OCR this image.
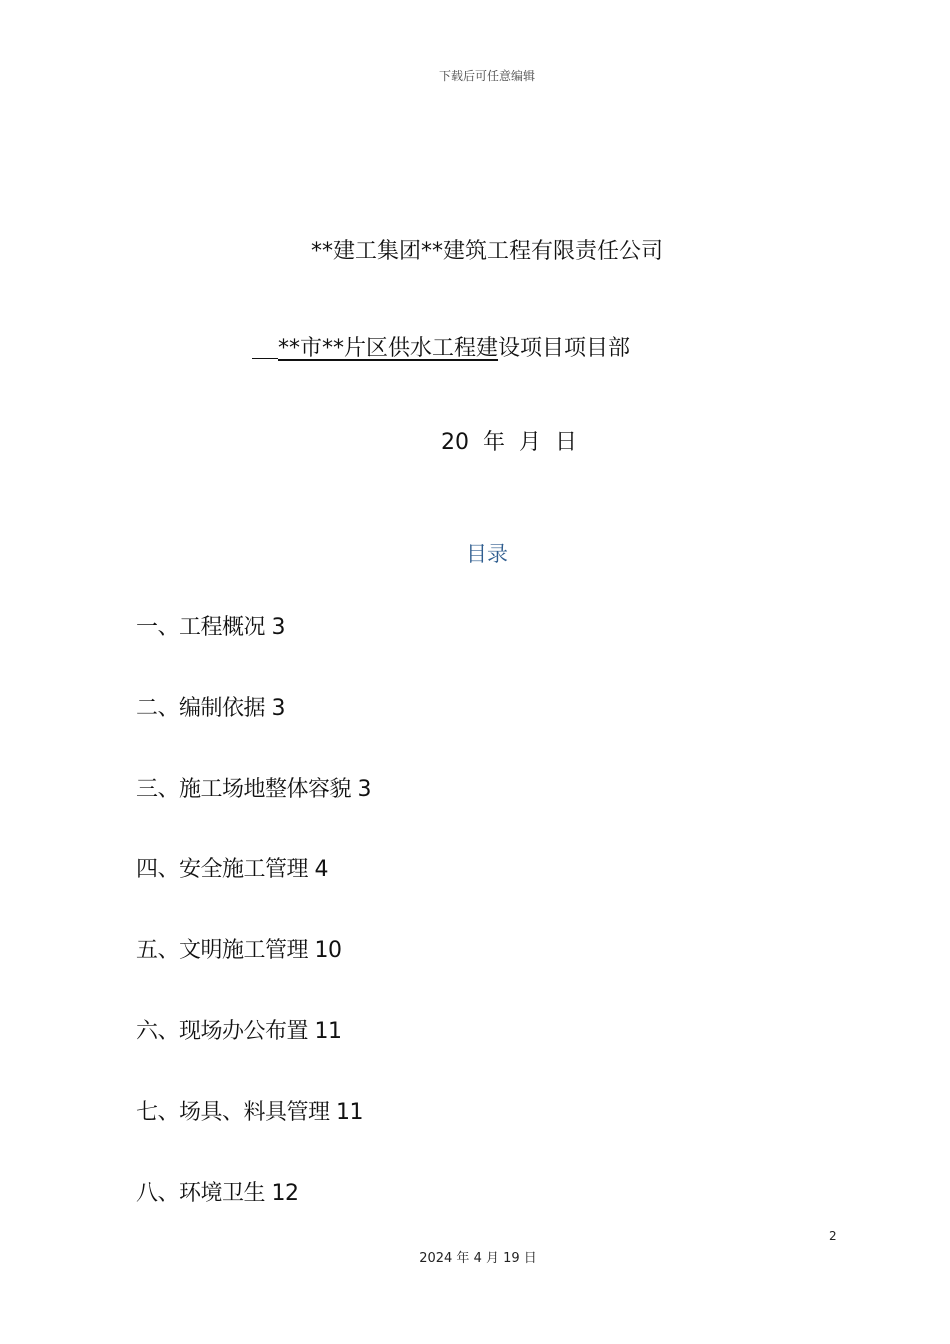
下载后可任意编辑
**建工集团**建筑工程有限责任公司
**市**片区供水工程建设项目项目部
20  年  月  日
目录
一、工程概况 3
二、编制依据 3
三、施工场地整体容貌 3
四、安全施工管理 4
五、文明施工管理 10
六、现场办公布置 11
七、场具、料具管理 11
八、环境卫生 12
2
2024 年 4 月 19 日
